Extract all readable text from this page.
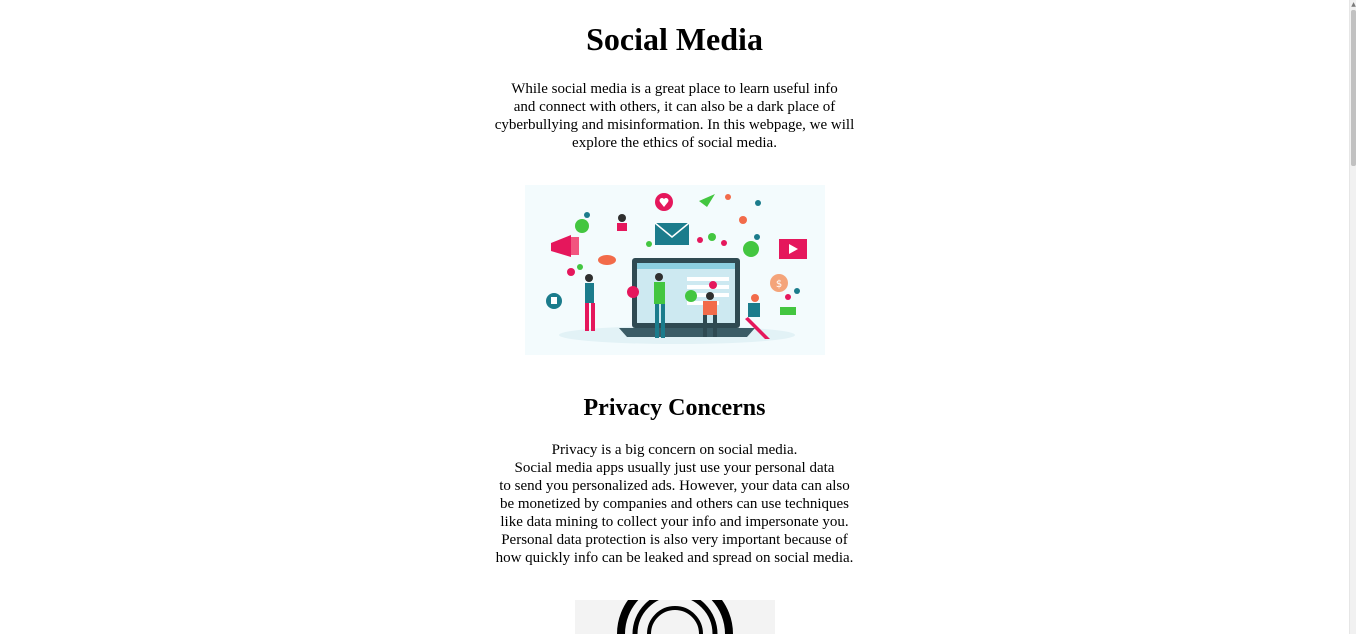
Social Media

While social media is a great place to learn useful info
and connect with others, it can also be a dark place of
cyberbullying and misinformation. In this webpage, we will
explore the ethics of social media.

$
Privacy Concerns

Privacy is a big concern on social media.
Social media apps usually just use your personal data
to send you personalized ads. However, your data can also
be monetized by companies and others can use techniques
like data mining to collect your info and impersonate you.
Personal data protection is also very important because of
how quickly info can be leaked and spread on social media.

▲
